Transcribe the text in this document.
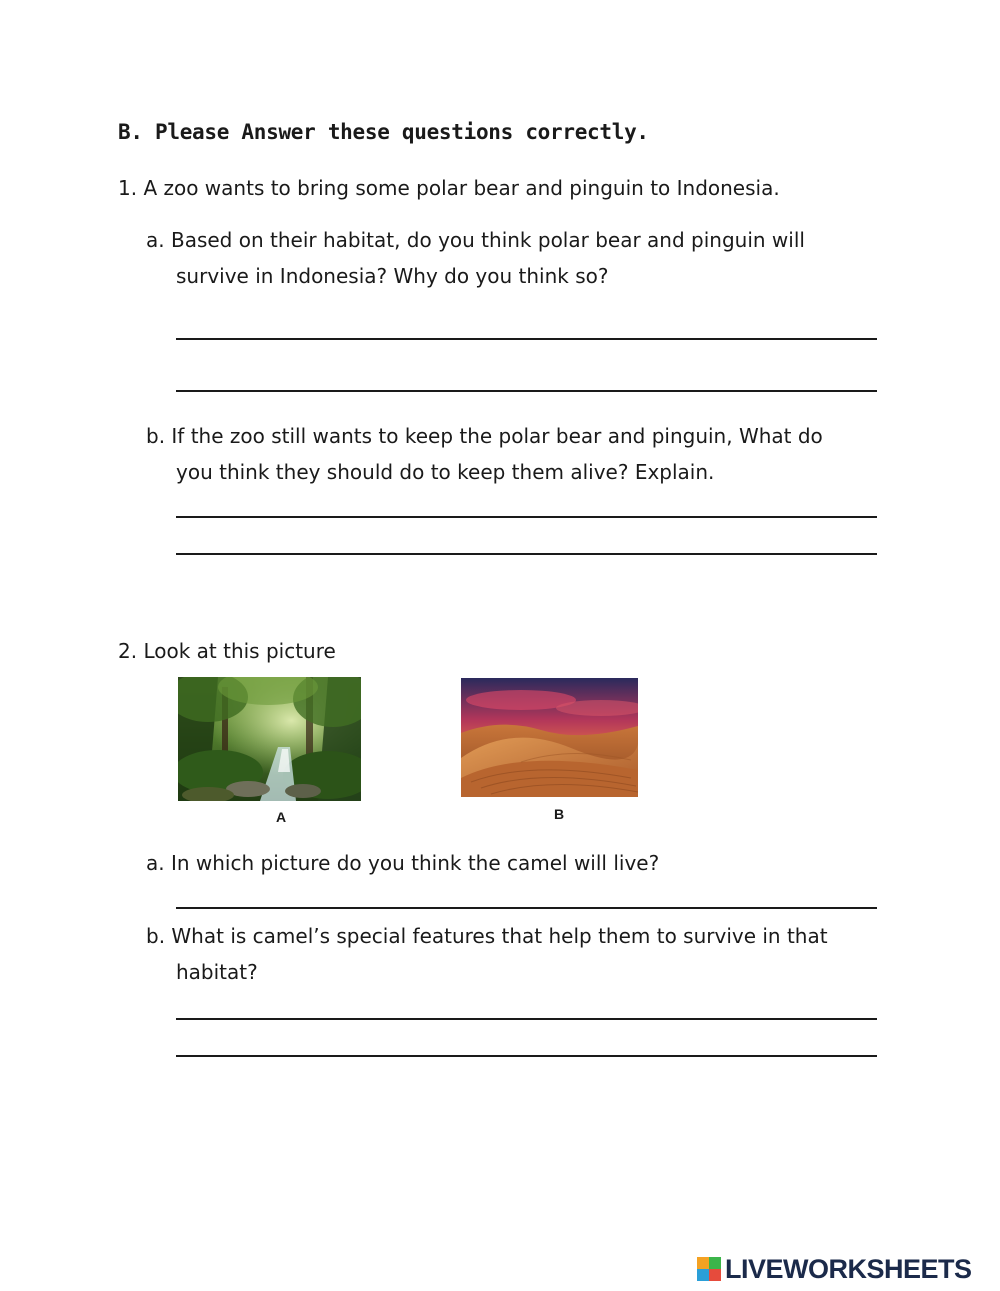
B. Please Answer these questions correctly.
1. A zoo wants to bring some polar bear and pinguin to Indonesia.
a. Based on their habitat, do you think polar bear and pinguin will
survive in Indonesia? Why do you think so?
b. If the zoo still wants to keep the polar bear and pinguin, What do
you think they should do to keep them alive? Explain.
2. Look at this picture
A	B
a. In which picture do you think the camel will live?
b. What is camel’s special features that help them to survive in that
habitat?
LIVEWORKSHEETS
